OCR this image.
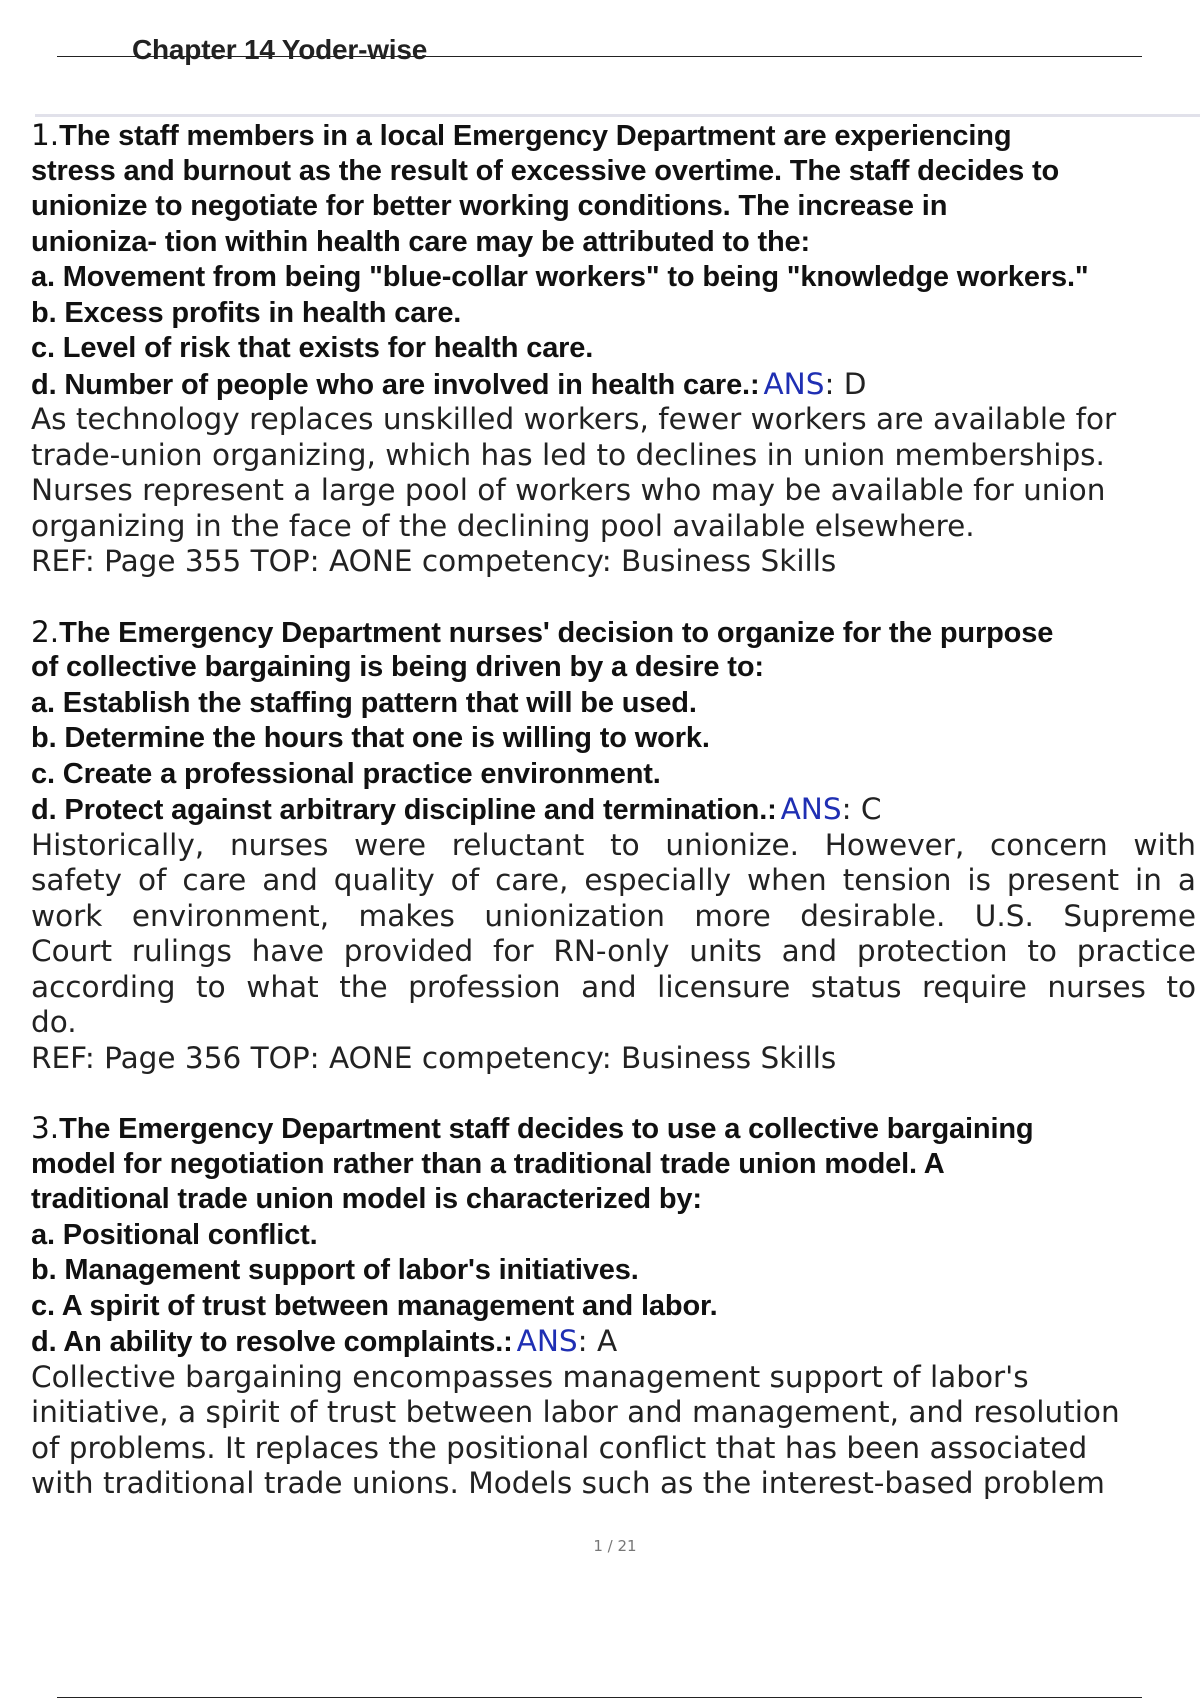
Chapter 14 Yoder-wise
1.The staff members in a local Emergency Department are experiencing
stress and burnout as the result of excessive overtime. The staff decides to
unionize to negotiate for better working conditions. The increase in
unioniza- tion within health care may be attributed to the:
a. Movement from being "blue-collar workers" to being "knowledge workers."
b. Excess profits in health care.
c. Level of risk that exists for health care.
d. Number of people who are involved in health care.: ANS: D
As technology replaces unskilled workers, fewer workers are available for
trade-union organizing, which has led to declines in union memberships.
Nurses represent a large pool of workers who may be available for union
organizing in the face of the declining pool available elsewhere.
REF: Page 355 TOP: AONE competency: Business Skills
2.The Emergency Department nurses' decision to organize for the purpose
of collective bargaining is being driven by a desire to:
a. Establish the staffing pattern that will be used.
b. Determine the hours that one is willing to work.
c. Create a professional practice environment.
d. Protect against arbitrary discipline and termination.: ANS: C
Historically, nurses were reluctant to unionize. However, concern with
safety of care and quality of care, especially when tension is present in a
work environment, makes unionization more desirable. U.S. Supreme
Court rulings have provided for RN-only units and protection to practice
according to what the profession and licensure status require nurses to
do.
REF: Page 356 TOP: AONE competency: Business Skills
3.The Emergency Department staff decides to use a collective bargaining
model for negotiation rather than a traditional trade union model. A
traditional trade union model is characterized by:
a. Positional conflict.
b. Management support of labor's initiatives.
c. A spirit of trust between management and labor.
d. An ability to resolve complaints.: ANS: A
Collective bargaining encompasses management support of labor's
initiative, a spirit of trust between labor and management, and resolution
of problems. It replaces the positional conflict that has been associated
with traditional trade unions. Models such as the interest-based problem
1 / 21
